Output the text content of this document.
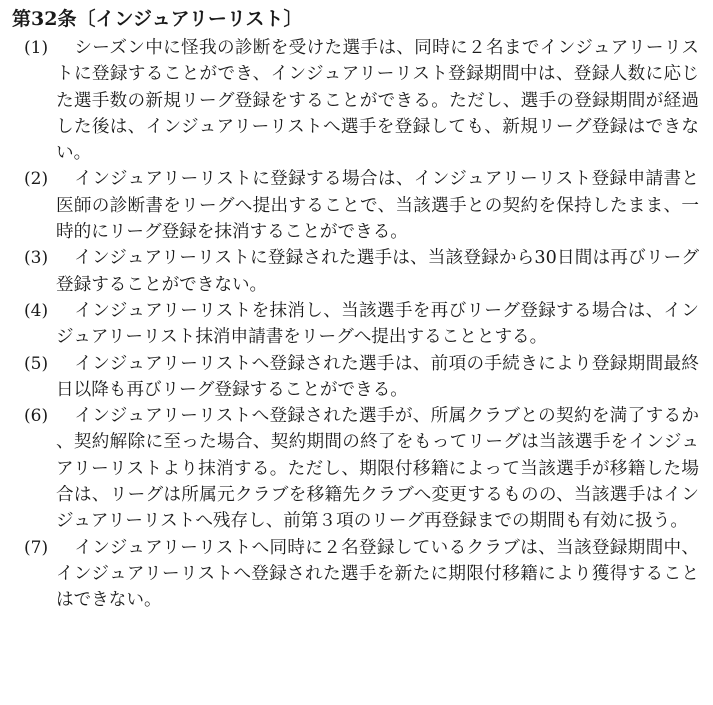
第32条〔インジュアリーリスト〕
(1)	シーズン中に怪我の診断を受けた選手は、同時に２名までインジュアリーリストに登録することができ、インジュアリーリスト登録期間中は、登録人数に応じた選手数の新規リーグ登録をすることができる。ただし、選手の登録期間が経過した後は、インジュアリーリストへ選手を登録しても、新規リーグ登録はできない。
(2)	インジュアリーリストに登録する場合は、インジュアリーリスト登録申請書と医師の診断書をリーグへ提出することで、当該選手との契約を保持したまま、一時的にリーグ登録を抹消することができる。
(3)	インジュアリーリストに登録された選手は、当該登録から30日間は再びリーグ登録することができない。
(4)	インジュアリーリストを抹消し、当該選手を再びリーグ登録する場合は、インジュアリーリスト抹消申請書をリーグへ提出することとする。
(5)	インジュアリーリストへ登録された選手は、前項の手続きにより登録期間最終日以降も再びリーグ登録することができる。
(6)	インジュアリーリストへ登録された選手が、所属クラブとの契約を満了するか、契約解除に至った場合、契約期間の終了をもってリーグは当該選手をインジュアリーリストより抹消する。ただし、期限付移籍によって当該選手が移籍した場合は、リーグは所属元クラブを移籍先クラブへ変更するものの、当該選手はインジュアリーリストへ残存し、前第３項のリーグ再登録までの期間も有効に扱う。
(7)	インジュアリーリストへ同時に２名登録しているクラブは、当該登録期間中、インジュアリーリストへ登録された選手を新たに期限付移籍により獲得することはできない。
